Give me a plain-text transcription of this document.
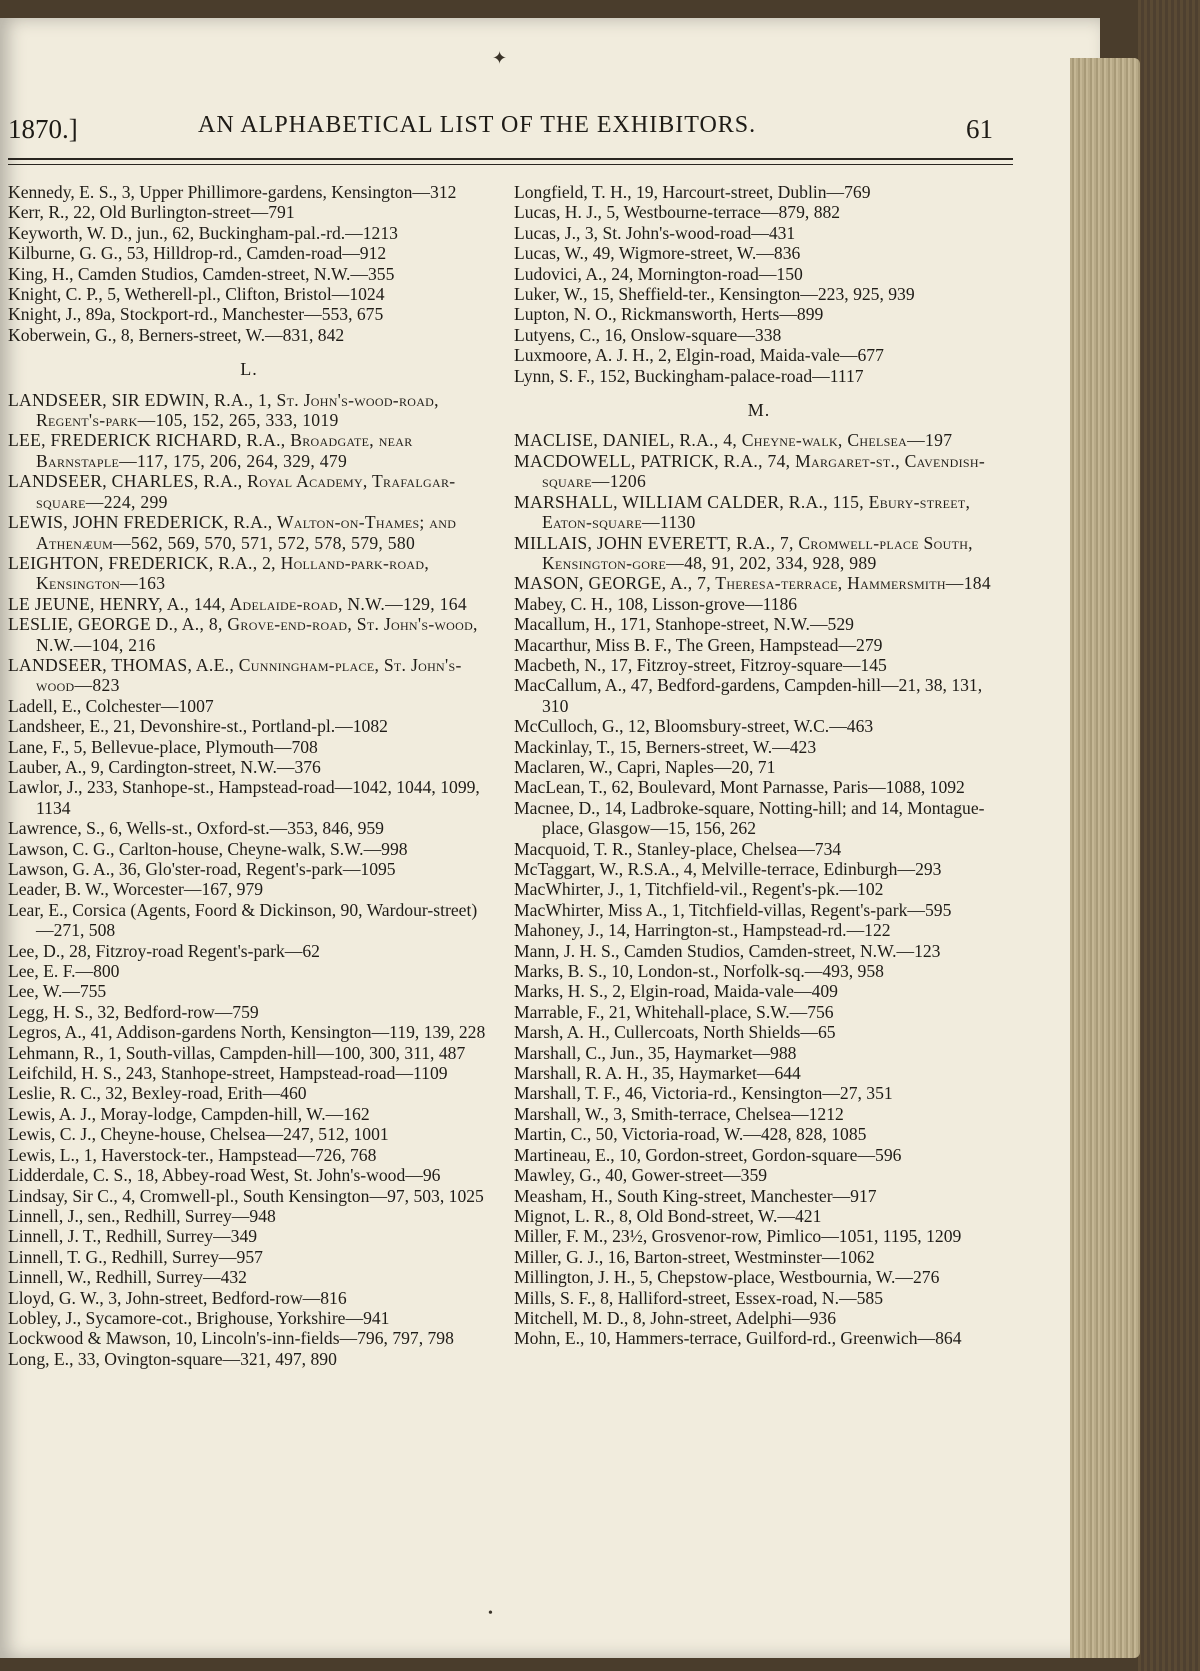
✦
1870.]	AN ALPHABETICAL LIST OF THE EXHIBITORS.	61

Kennedy, E. S., 3, Upper Phillimore-gardens, Kensington—312

Kerr, R., 22, Old Burlington-street—791

Keyworth, W. D., jun., 62, Buckingham-pal.-rd.—1213

Kilburne, G. G., 53, Hilldrop-rd., Camden-road—912

King, H., Camden Studios, Camden-street, N.W.—355

Knight, C. P., 5, Wetherell-pl., Clifton, Bristol—1024

Knight, J., 89a, Stockport-rd., Manchester—553, 675

Koberwein, G., 8, Berners-street, W.—831, 842

L.

LANDSEER, SIR EDWIN, R.A., 1, St. John's-wood-road, Regent's-park—105, 152, 265, 333, 1019

LEE, FREDERICK RICHARD, R.A., Broadgate, near Barnstaple—117, 175, 206, 264, 329, 479

LANDSEER, CHARLES, R.A., Royal Academy, Trafalgar-square—224, 299

LEWIS, JOHN FREDERICK, R.A., Walton-on-Thames; and Athenæum—562, 569, 570, 571, 572, 578, 579, 580

LEIGHTON, FREDERICK, R.A., 2, Holland-park-road, Kensington—163

LE JEUNE, HENRY, A., 144, Adelaide-road, N.W.—129, 164

LESLIE, GEORGE D., A., 8, Grove-end-road, St. John's-wood, N.W.—104, 216

LANDSEER, THOMAS, A.E., Cunningham-place, St. John's-wood—823

Ladell, E., Colchester—1007

Landsheer, E., 21, Devonshire-st., Portland-pl.—1082

Lane, F., 5, Bellevue-place, Plymouth—708

Lauber, A., 9, Cardington-street, N.W.—376

Lawlor, J., 233, Stanhope-st., Hampstead-road—1042, 1044, 1099, 1134

Lawrence, S., 6, Wells-st., Oxford-st.—353, 846, 959

Lawson, C. G., Carlton-house, Cheyne-walk, S.W.—998

Lawson, G. A., 36, Glo'ster-road, Regent's-park—1095

Leader, B. W., Worcester—167, 979

Lear, E., Corsica (Agents, Foord & Dickinson, 90, Wardour-street)—271, 508

Lee, D., 28, Fitzroy-road Regent's-park—62

Lee, E. F.—800

Lee, W.—755

Legg, H. S., 32, Bedford-row—759

Legros, A., 41, Addison-gardens North, Kensington—119, 139, 228

Lehmann, R., 1, South-villas, Campden-hill—100, 300, 311, 487

Leifchild, H. S., 243, Stanhope-street, Hampstead-road—1109

Leslie, R. C., 32, Bexley-road, Erith—460

Lewis, A. J., Moray-lodge, Campden-hill, W.—162

Lewis, C. J., Cheyne-house, Chelsea—247, 512, 1001

Lewis, L., 1, Haverstock-ter., Hampstead—726, 768

Lidderdale, C. S., 18, Abbey-road West, St. John's-wood—96

Lindsay, Sir C., 4, Cromwell-pl., South Kensington—97, 503, 1025

Linnell, J., sen., Redhill, Surrey—948

Linnell, J. T., Redhill, Surrey—349

Linnell, T. G., Redhill, Surrey—957

Linnell, W., Redhill, Surrey—432

Lloyd, G. W., 3, John-street, Bedford-row—816

Lobley, J., Sycamore-cot., Brighouse, Yorkshire—941

Lockwood & Mawson, 10, Lincoln's-inn-fields—796, 797, 798

Long, E., 33, Ovington-square—321, 497, 890

Longfield, T. H., 19, Harcourt-street, Dublin—769

Lucas, H. J., 5, Westbourne-terrace—879, 882

Lucas, J., 3, St. John's-wood-road—431

Lucas, W., 49, Wigmore-street, W.—836

Ludovici, A., 24, Mornington-road—150

Luker, W., 15, Sheffield-ter., Kensington—223, 925, 939

Lupton, N. O., Rickmansworth, Herts—899

Lutyens, C., 16, Onslow-square—338

Luxmoore, A. J. H., 2, Elgin-road, Maida-vale—677

Lynn, S. F., 152, Buckingham-palace-road—1117

M.

MACLISE, DANIEL, R.A., 4, Cheyne-walk, Chelsea—197

MACDOWELL, PATRICK, R.A., 74, Margaret-st., Cavendish-square—1206

MARSHALL, WILLIAM CALDER, R.A., 115, Ebury-street, Eaton-square—1130

MILLAIS, JOHN EVERETT, R.A., 7, Cromwell-place South, Kensington-gore—48, 91, 202, 334, 928, 989

MASON, GEORGE, A., 7, Theresa-terrace, Hammersmith—184

Mabey, C. H., 108, Lisson-grove—1186

Macallum, H., 171, Stanhope-street, N.W.—529

Macarthur, Miss B. F., The Green, Hampstead—279

Macbeth, N., 17, Fitzroy-street, Fitzroy-square—145

MacCallum, A., 47, Bedford-gardens, Campden-hill—21, 38, 131, 310

McCulloch, G., 12, Bloomsbury-street, W.C.—463

Mackinlay, T., 15, Berners-street, W.—423

Maclaren, W., Capri, Naples—20, 71

MacLean, T., 62, Boulevard, Mont Parnasse, Paris—1088, 1092

Macnee, D., 14, Ladbroke-square, Notting-hill; and 14, Montague-place, Glasgow—15, 156, 262

Macquoid, T. R., Stanley-place, Chelsea—734

McTaggart, W., R.S.A., 4, Melville-terrace, Edinburgh—293

MacWhirter, J., 1, Titchfield-vil., Regent's-pk.—102

MacWhirter, Miss A., 1, Titchfield-villas, Regent's-park—595

Mahoney, J., 14, Harrington-st., Hampstead-rd.—122

Mann, J. H. S., Camden Studios, Camden-street, N.W.—123

Marks, B. S., 10, London-st., Norfolk-sq.—493, 958

Marks, H. S., 2, Elgin-road, Maida-vale—409

Marrable, F., 21, Whitehall-place, S.W.—756

Marsh, A. H., Cullercoats, North Shields—65

Marshall, C., Jun., 35, Haymarket—988

Marshall, R. A. H., 35, Haymarket—644

Marshall, T. F., 46, Victoria-rd., Kensington—27, 351

Marshall, W., 3, Smith-terrace, Chelsea—1212

Martin, C., 50, Victoria-road, W.—428, 828, 1085

Martineau, E., 10, Gordon-street, Gordon-square—596

Mawley, G., 40, Gower-street—359

Measham, H., South King-street, Manchester—917

Mignot, L. R., 8, Old Bond-street, W.—421

Miller, F. M., 23½, Grosvenor-row, Pimlico—1051, 1195, 1209

Miller, G. J., 16, Barton-street, Westminster—1062

Millington, J. H., 5, Chepstow-place, Westbournia, W.—276

Mills, S. F., 8, Halliford-street, Essex-road, N.—585

Mitchell, M. D., 8, John-street, Adelphi—936

Mohn, E., 10, Hammers-terrace, Guilford-rd., Greenwich—864

•
